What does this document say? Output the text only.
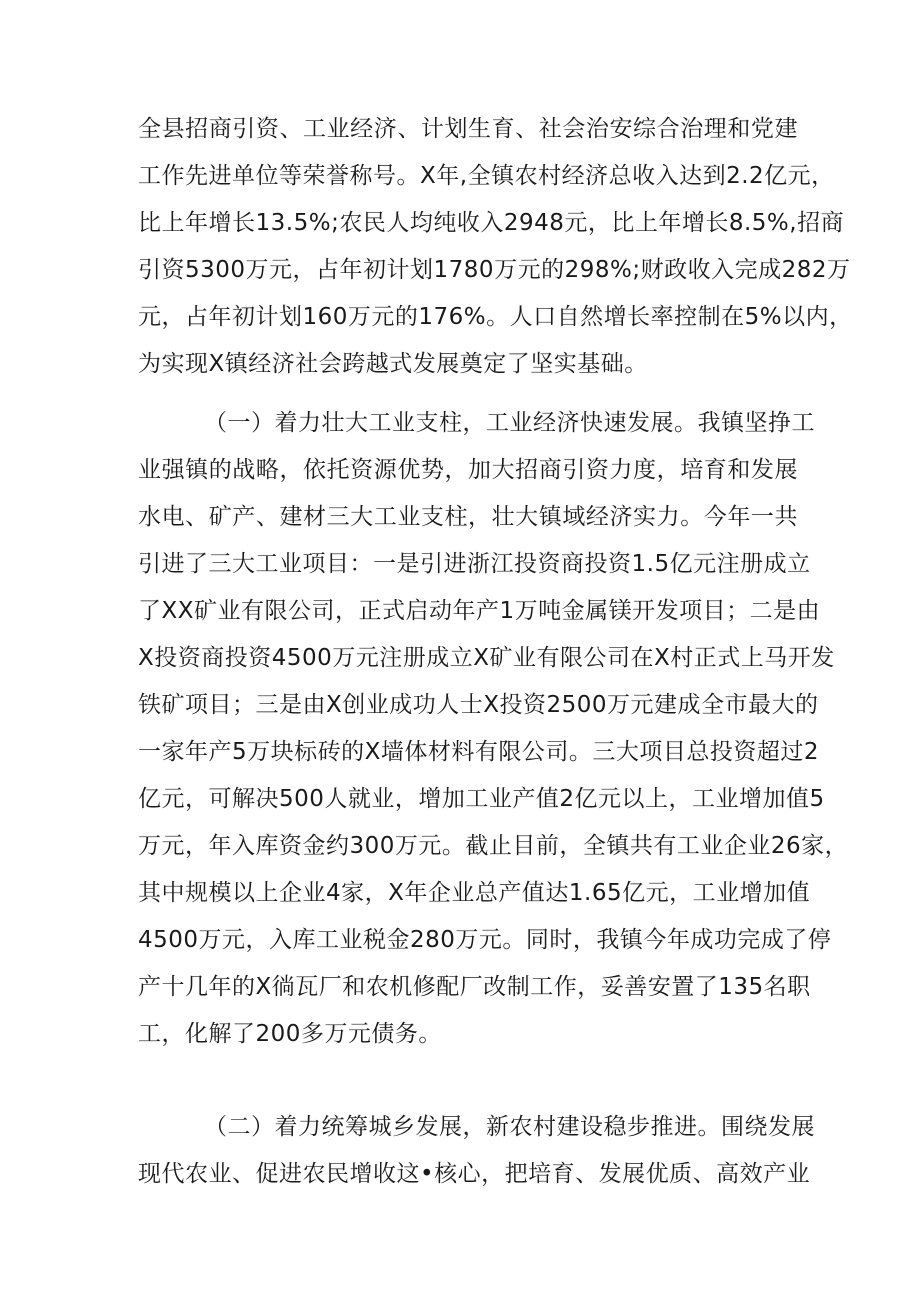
全县招商引资、工业经济、计划生育、社会治安综合治理和党建
工作先进单位等荣誉称号。X年,全镇农村经济总收入达到2.2亿元，
比上年增长13.5%;农民人均纯收入2948元，比上年增长8.5%,招商
引资5300万元，占年初计划1780万元的298%;财政收入完成282万
元，占年初计划160万元的176%。人口自然增长率控制在5%以内，
为实现X镇经济社会跨越式发展奠定了坚实基础。
（一）着力壮大工业支柱，工业经济快速发展。我镇坚挣工
业强镇的战略，依托资源优势，加大招商引资力度，培育和发展
水电、矿产、建材三大工业支柱，壮大镇域经济实力。今年一共
引进了三大工业项目：一是引进浙江投资商投资1.5亿元注册成立
了XX矿业有限公司，正式启动年产1万吨金属镁开发项目；二是由
X投资商投资4500万元注册成立X矿业有限公司在X村正式上马开发
铁矿项目；三是由X创业成功人士X投资2500万元建成全市最大的
一家年产5万块标砖的X墙体材料有限公司。三大项目总投资超过2
亿元，可解决500人就业，增加工业产值2亿元以上，工业增加值5
万元，年入库资金约300万元。截止目前，全镇共有工业企业26家，
其中规模以上企业4家，X年企业总产值达1.65亿元，工业增加值
4500万元，入库工业税金280万元。同时，我镇今年成功完成了停
产十几年的X徜瓦厂和农机修配厂改制工作，妥善安置了135名职
工，化解了200多万元债务。
（二）着力统筹城乡发展，新农村建设稳步推进。围绕发展
现代农业、促进农民增收这•核心，把培育、发展优质、高效产业
